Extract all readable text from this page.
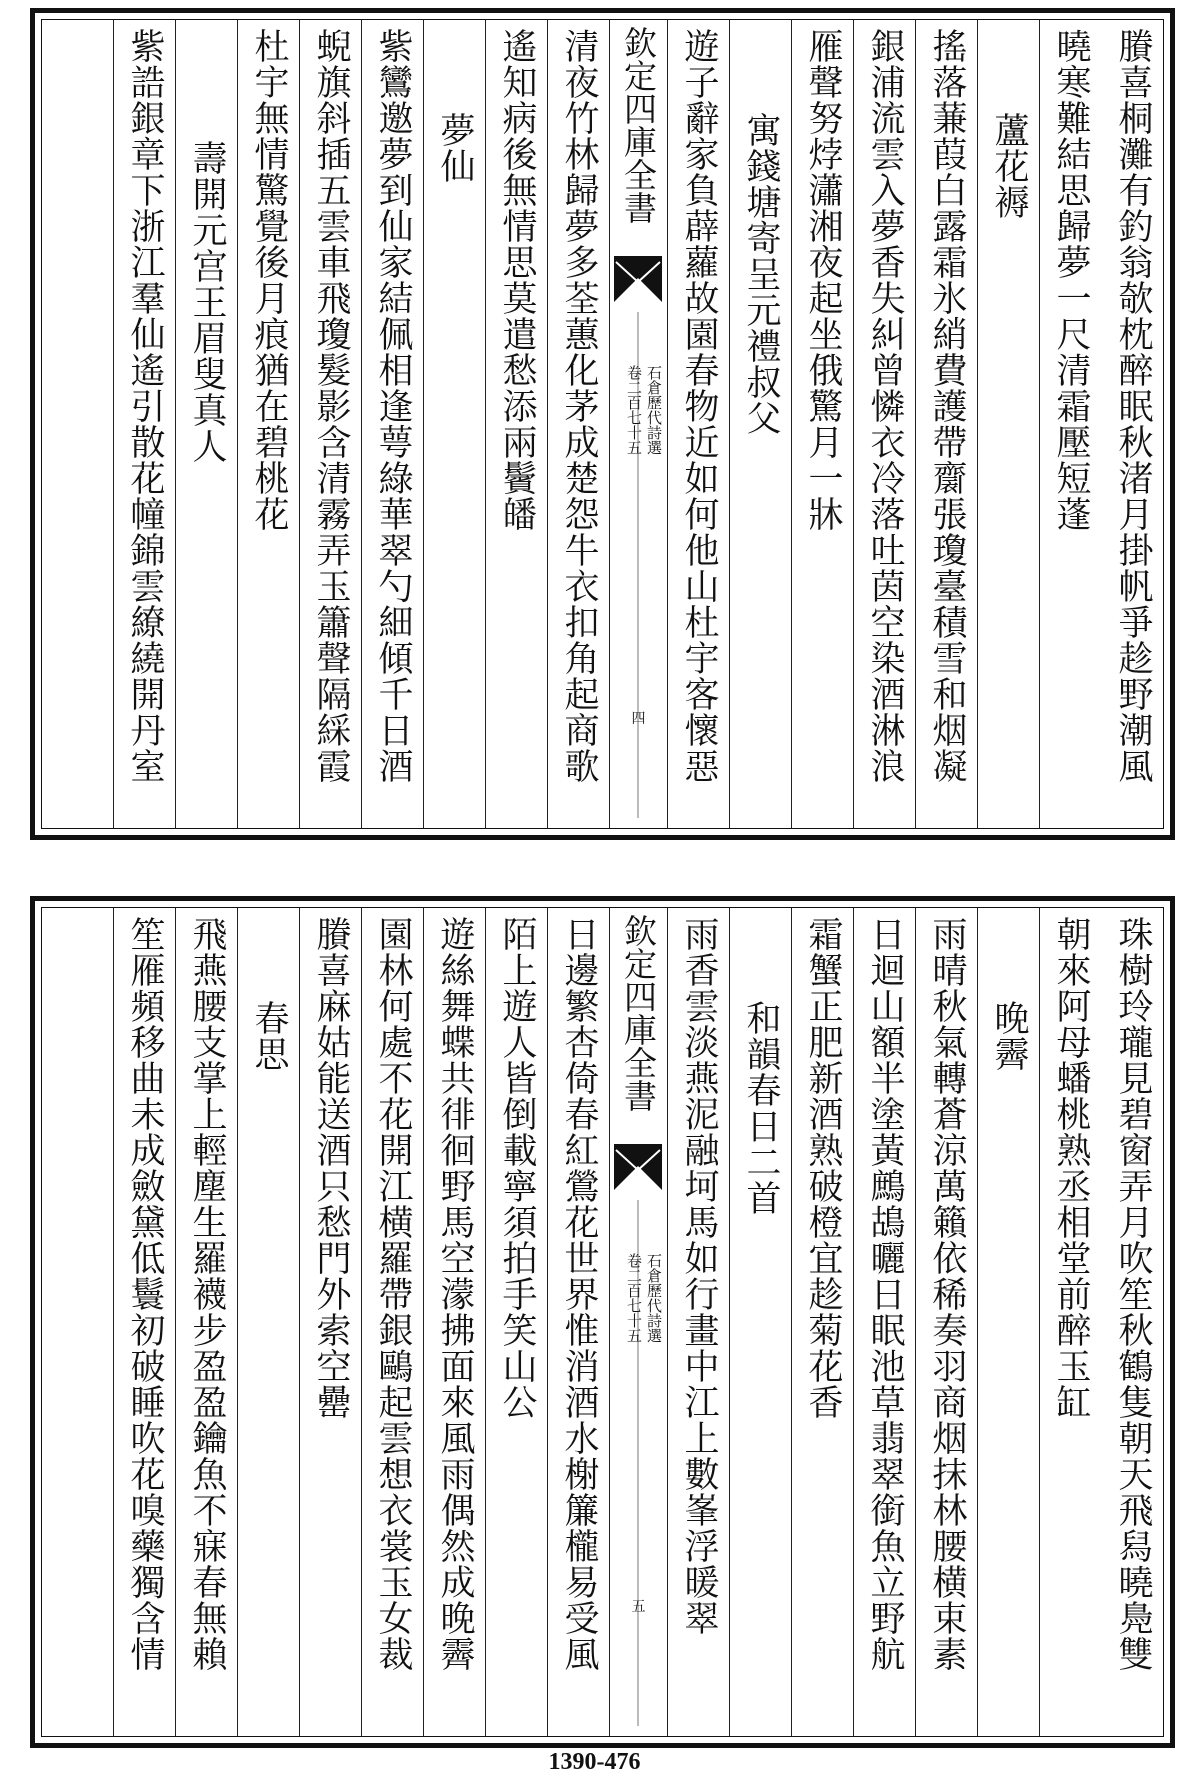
賸喜桐灘有釣翁欹枕醉眠秋渚月掛帆爭趁野潮風
曉寒難結思歸夢一尺清霜壓短蓬
蘆花褥
搖落蒹葭白露霜氷綃費護帶𪗋張瓊臺積雪和烟凝
銀浦流雲入夢香失糾曾憐衣冷落吐茵空染酒淋浪
雁聲努㶿瀟湘夜起坐俄驚月一牀
寓錢塘寄呈元禮叔父
遊子辭家負薜蘿故園春物近如何他山杜宇客懷惡
欽定四庫全書
石倉歷代詩選
卷二百七十五
四
清夜竹林歸夢多荃蕙化茅成楚怨牛衣扣角起商歌
遙知病後無情思莫遣愁添兩鬢皤
夢仙
紫鸞邀夢到仙家結佩相逢萼綠華翠勺細傾千日酒
蜺旗斜插五雲車飛瓊髮影含清霧弄玉簫聲隔綵霞
杜宇無情驚覺後月痕猶在碧桃花
壽開元宫王眉叟真人
紫誥銀章下浙江羣仙遙引散花幢錦雲繚繞開丹室
珠樹玲瓏見碧窗弄月吹笙秋鶴隻朝天飛舄曉鳧雙
朝來阿母蟠桃熟丞相堂前醉玉缸
晚霽
雨晴秋氣轉蒼涼萬籟依稀奏羽商烟抹林腰横束素
日迴山額半塗黃鷓鴣曬日眠池草翡翠銜魚立野航
霜蟹正肥新酒熟破橙宜趁菊花香
和韻春日二首
雨香雲淡燕泥融坷馬如行畫中江上數峯浮暖翠
欽定四庫全書
石倉歷代詩選
卷二百七十五
五
日邊繁杏倚春紅鶯花世界惟消酒水榭簾櫳易受風
陌上遊人皆倒載寧須拍手笑山公
遊絲舞蝶共徘徊野馬空濛拂面來風雨偶然成晚霽
園林何處不花開江横羅帶銀鷗起雲想衣裳玉女裁
賸喜麻姑能送酒只愁門外索空罍
春思
飛燕腰支掌上輕塵生羅襪步盈盈鑰魚不寐春無賴
笙雁頻移曲未成斂黛低鬟初破睡吹花嗅藥獨含情
1390-476
